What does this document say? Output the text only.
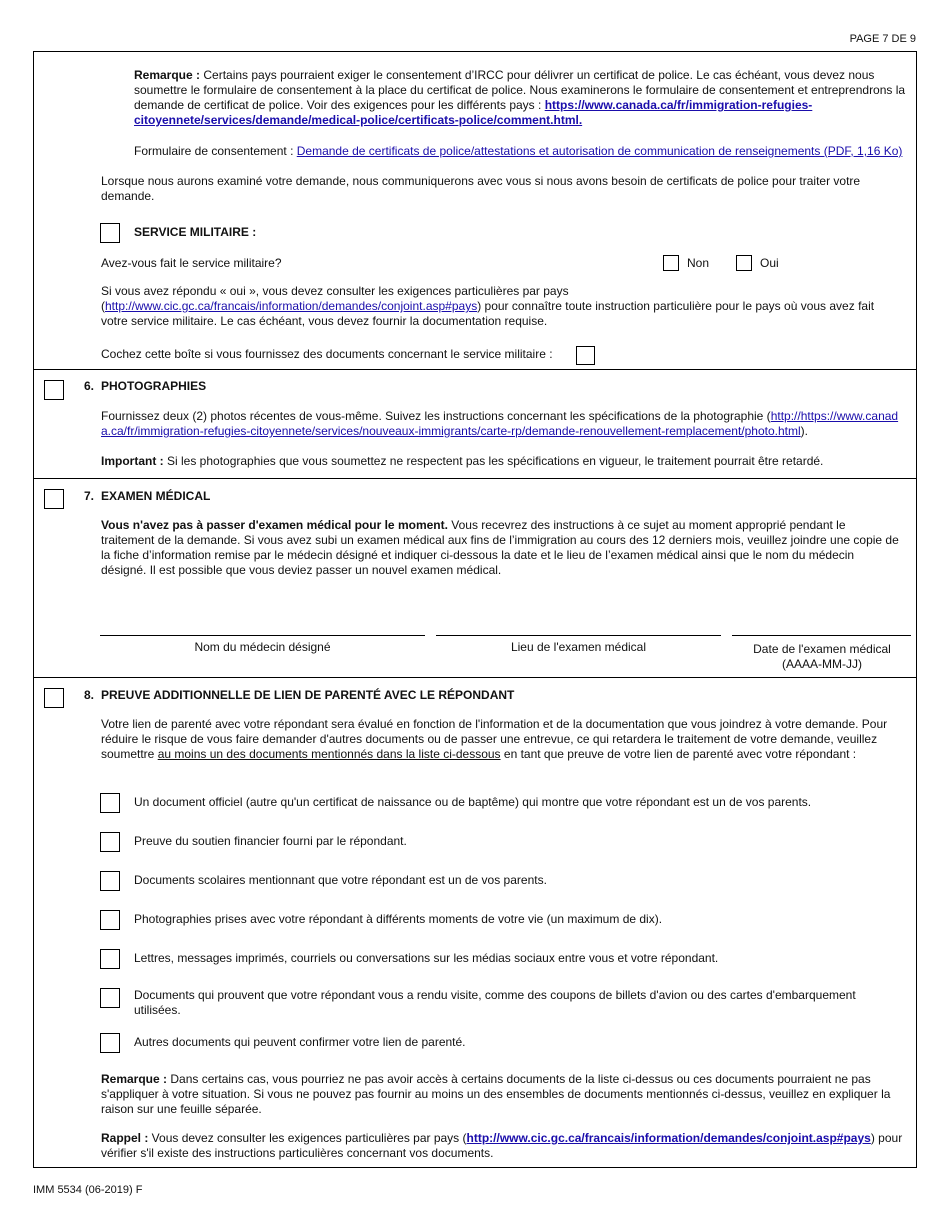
PAGE 7 DE 9
Remarque : Certains pays pourraient exiger le consentement d’IRCC pour délivrer un certificat de police. Le cas échéant, vous devez nous soumettre le formulaire de consentement à la place du certificat de police. Nous examinerons le formulaire de consentement et entreprendrons la demande de certificat de police. Voir des exigences pour les différents pays : https://www.canada.ca/fr/immigration-refugies-citoyennete/services/demande/medical-police/certificats-police/comment.html.
Formulaire de consentement : Demande de certificats de police/attestations et autorisation de communication de renseignements (PDF, 1,16 Ko)
Lorsque nous aurons examiné votre demande, nous communiquerons avec vous si nous avons besoin de certificats de police pour traiter votre demande.
SERVICE MILITAIRE :
Avez-vous fait le service militaire?	Non	Oui
Si vous avez répondu « oui », vous devez consulter les exigences particulières par pays (http://www.cic.gc.ca/francais/information/demandes/conjoint.asp#pays) pour connaître toute instruction particulière pour le pays où vous avez fait votre service militaire. Le cas échéant, vous devez fournir la documentation requise.
Cochez cette boîte si vous fournissez des documents concernant le service militaire :
6. PHOTOGRAPHIES
Fournissez deux (2) photos récentes de vous-même. Suivez les instructions concernant les spécifications de la photographie (http://https://www.canada.ca/fr/immigration-refugies-citoyennete/services/nouveaux-immigrants/carte-rp/demande-renouvellement-remplacement/photo.html).
Important : Si les photographies que vous soumettez ne respectent pas les spécifications en vigueur, le traitement pourrait être retardé.
7. EXAMEN MÉDICAL
Vous n'avez pas à passer d'examen médical pour le moment. Vous recevrez des instructions à ce sujet au moment approprié pendant le traitement de la demande. Si vous avez subi un examen médical aux fins de l’immigration au cours des 12 derniers mois, veuillez joindre une copie de la fiche d’information remise par le médecin désigné et indiquer ci-dessous la date et le lieu de l’examen médical ainsi que le nom du médecin désigné. Il est possible que vous deviez passer un nouvel examen médical.
Nom du médecin désigné	Lieu de l'examen médical	Date de l'examen médical (AAAA-MM-JJ)
8. PREUVE ADDITIONNELLE DE LIEN DE PARENTÉ AVEC LE RÉPONDANT
Votre lien de parenté avec votre répondant sera évalué en fonction de l'information et de la documentation que vous joindrez à votre demande. Pour réduire le risque de vous faire demander d'autres documents ou de passer une entrevue, ce qui retardera le traitement de votre demande, veuillez soumettre au moins un des documents mentionnés dans la liste ci-dessous en tant que preuve de votre lien de parenté avec votre répondant :
Un document officiel (autre qu'un certificat de naissance ou de baptême) qui montre que votre répondant est un de vos parents.
Preuve du soutien financier fourni par le répondant.
Documents scolaires mentionnant que votre répondant est un de vos parents.
Photographies prises avec votre répondant à différents moments de votre vie (un maximum de dix).
Lettres, messages imprimés, courriels ou conversations sur les médias sociaux entre vous et votre répondant.
Documents qui prouvent que votre répondant vous a rendu visite, comme des coupons de billets d'avion ou des cartes d'embarquement utilisées.
Autres documents qui peuvent confirmer votre lien de parenté.
Remarque : Dans certains cas, vous pourriez ne pas avoir accès à certains documents de la liste ci-dessus ou ces documents pourraient ne pas s'appliquer à votre situation. Si vous ne pouvez pas fournir au moins un des ensembles de documents mentionnés ci-dessus, veuillez en expliquer la raison sur une feuille séparée.
Rappel : Vous devez consulter les exigences particulières par pays (http://www.cic.gc.ca/francais/information/demandes/conjoint.asp#pays) pour vérifier s'il existe des instructions particulières concernant vos documents.
IMM 5534 (06-2019) F
